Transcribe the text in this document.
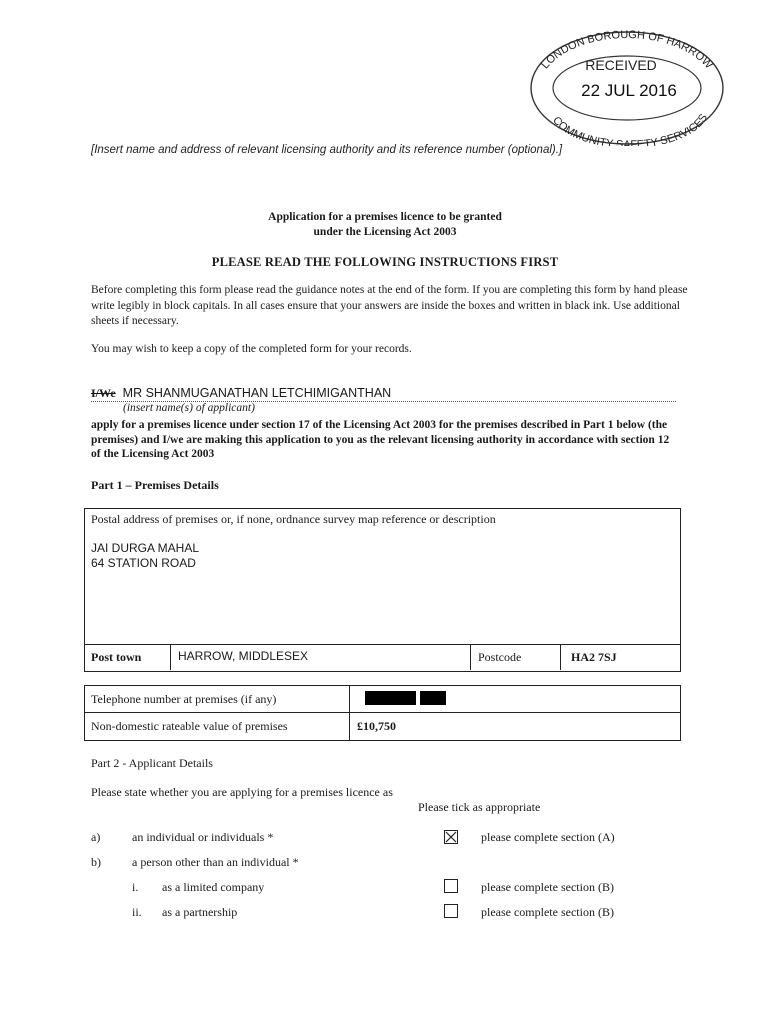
LONDON BOROUGH OF HARROW
COMMUNITY SAFETY SERVICES
RECEIVED
22 JUL 2016
[Insert name and address of relevant licensing authority and its reference number (optional).]
Application for a premises licence to be granted
under the Licensing Act 2003
PLEASE READ THE FOLLOWING INSTRUCTIONS FIRST
Before completing this form please read the guidance notes at the end of the form. If you are completing this form by hand please write legibly in block capitals. In all cases ensure that your answers are inside the boxes and written in black ink. Use additional sheets if necessary.
You may wish to keep a copy of the completed form for your records.
I/We MR SHANMUGANATHAN LETCHIMIGANTHAN
(insert name(s) of applicant)
apply for a premises licence under section 17 of the Licensing Act 2003 for the premises described in Part 1 below (the premises) and I/we are making this application to you as the relevant licensing authority in accordance with section 12 of the Licensing Act 2003
Part 1 – Premises Details
Postal address of premises or, if none, ordnance survey map reference or description
JAI DURGA MAHAL
64 STATION ROAD
Post town	HARROW, MIDDLESEX	Postcode	HA2 7SJ
Telephone number at premises (if any)
Non-domestic rateable value of premises	£10,750
Part 2 - Applicant Details
Please state whether you are applying for a premises licence as
Please tick as appropriate
a)	an individual or individuals *	please complete section (A)
b)	a person other than an individual *
i. as a limited company	please complete section (B)
ii. as a partnership	please complete section (B)
